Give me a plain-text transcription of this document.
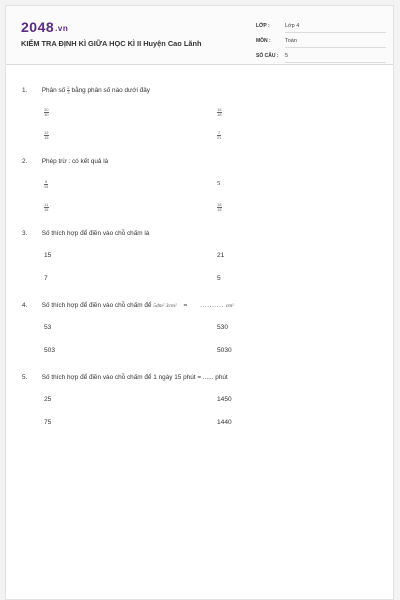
2048.vn
KIỂM TRA ĐỊNH KÌ GIỮA HỌC KÌ II Huyện Cao Lãnh
LỚP :	Lớp 4
MÔN :	Toán
SỐ CÂU : 5
1. Phân số $\frac{2}{3}$ bằng phân số nào dưới đây
$\frac{20}{30}$	$\frac{15}{18}$
$\frac{12}{15}$	$\frac{7}{21}$
2. Phép trừ : có kết quả là
$\frac{5}{15}$	5
$\frac{11}{15}$	$\frac{16}{15}$
3. Số thích hợp để điền vào chỗ chấm là
15	21
7	5
4. Số thích hợp để điền vào chỗ chấm để 5dm² 3cm² = .......... cm²
53	530
503	5030
5. Số thích hợp để điền vào chỗ chấm để 1 ngày 15 phút = ...... phút
25	1450
75	1440
